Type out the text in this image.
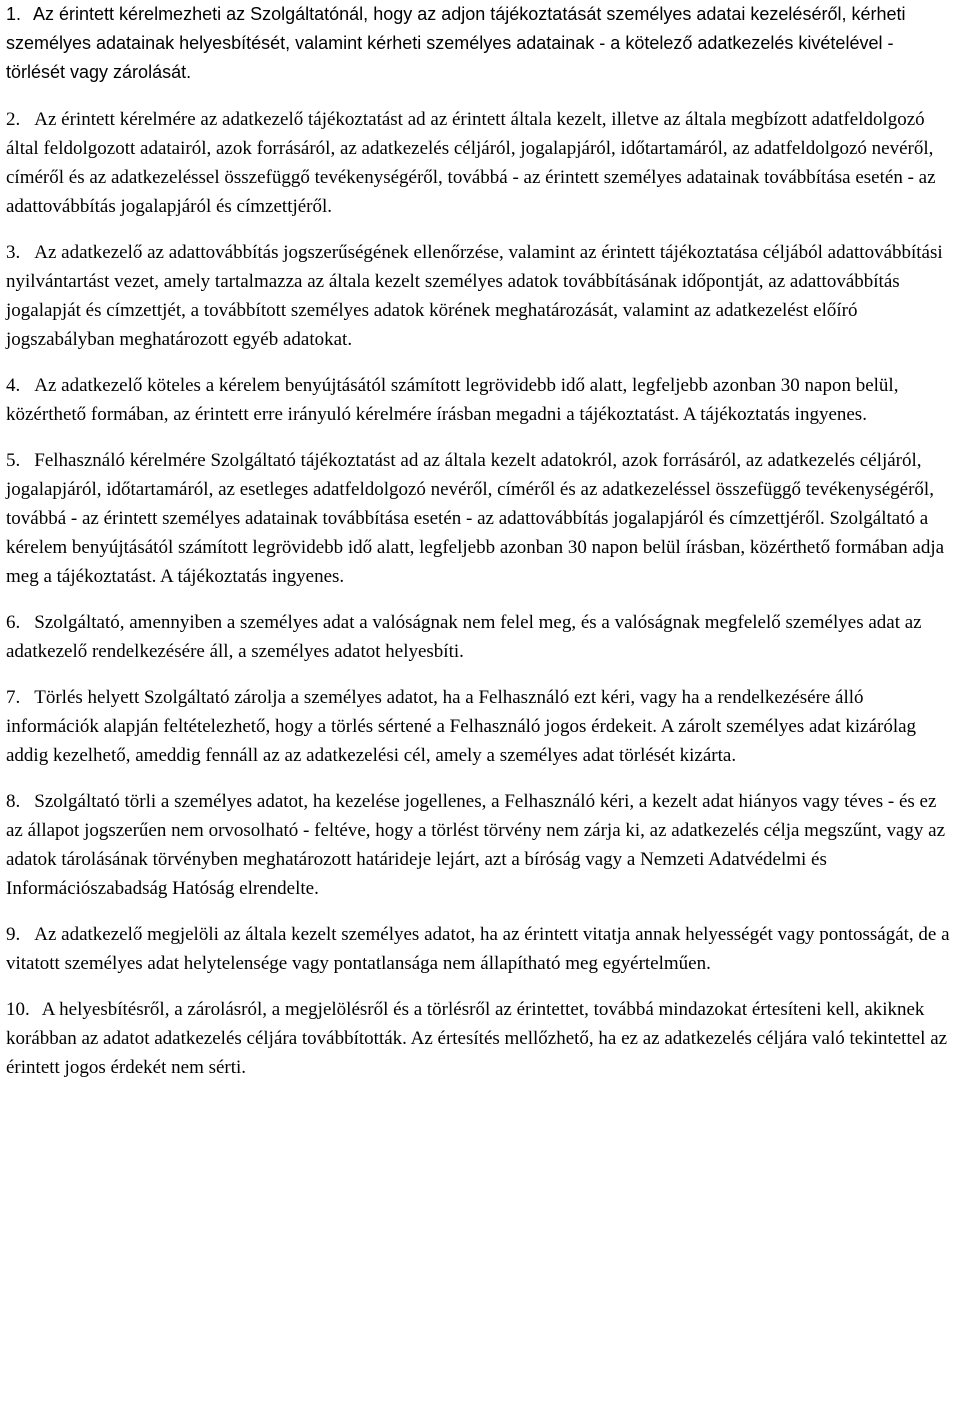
1. Az érintett kérelmezheti az Szolgáltatónál, hogy az adjon tájékoztatását személyes adatai kezeléséről, kérheti személyes adatainak helyesbítését, valamint kérheti személyes adatainak - a kötelező adatkezelés kivételével - törlését vagy zárolását.

2. Az érintett kérelmére az adatkezelő tájékoztatást ad az érintett általa kezelt, illetve az általa megbízott adatfeldolgozó által feldolgozott adatairól, azok forrásáról, az adatkezelés céljáról, jogalapjáról, időtartamáról, az adatfeldolgozó nevéről, címéről és az adatkezeléssel összefüggő tevékenységéről, továbbá - az érintett személyes adatainak továbbítása esetén - az adattovábbítás jogalapjáról és címzettjéről.

3. Az adatkezelő az adattovábbítás jogszerűségének ellenőrzése, valamint az érintett tájékoztatása céljából adattovábbítási nyilvántartást vezet, amely tartalmazza az általa kezelt személyes adatok továbbításának időpontját, az adattovábbítás jogalapját és címzettjét, a továbbított személyes adatok körének meghatározását, valamint az adatkezelést előíró jogszabályban meghatározott egyéb adatokat.

4. Az adatkezelő köteles a kérelem benyújtásától számított legrövidebb idő alatt, legfeljebb azonban 30 napon belül, közérthető formában, az érintett erre irányuló kérelmére írásban megadni a tájékoztatást. A tájékoztatás ingyenes.

5. Felhasználó kérelmére Szolgáltató tájékoztatást ad az általa kezelt adatokról, azok forrásáról, az adatkezelés céljáról, jogalapjáról, időtartamáról, az esetleges adatfeldolgozó nevéről, címéről és az adatkezeléssel összefüggő tevékenységéről, továbbá - az érintett személyes adatainak továbbítása esetén - az adattovábbítás jogalapjáról és címzettjéről. Szolgáltató a kérelem benyújtásától számított legrövidebb idő alatt, legfeljebb azonban 30 napon belül írásban, közérthető formában adja meg a tájékoztatást. A tájékoztatás ingyenes.

6. Szolgáltató, amennyiben a személyes adat a valóságnak nem felel meg, és a valóságnak megfelelő személyes adat az adatkezelő rendelkezésére áll, a személyes adatot helyesbíti.

7. Törlés helyett Szolgáltató zárolja a személyes adatot, ha a Felhasználó ezt kéri, vagy ha a rendelkezésére álló információk alapján feltételezhető, hogy a törlés sértené a Felhasználó jogos érdekeit. A zárolt személyes adat kizárólag addig kezelhető, ameddig fennáll az az adatkezelési cél, amely a személyes adat törlését kizárta.

8. Szolgáltató törli a személyes adatot, ha kezelése jogellenes, a Felhasználó kéri, a kezelt adat hiányos vagy téves - és ez az állapot jogszerűen nem orvosolható - feltéve, hogy a törlést törvény nem zárja ki, az adatkezelés célja megszűnt, vagy az adatok tárolásának törvényben meghatározott határideje lejárt, azt a bíróság vagy a Nemzeti Adatvédelmi és Információszabadság Hatóság elrendelte.

9. Az adatkezelő megjelöli az általa kezelt személyes adatot, ha az érintett vitatja annak helyességét vagy pontosságát, de a vitatott személyes adat helytelensége vagy pontatlansága nem állapítható meg egyértelműen.

10. A helyesbítésről, a zárolásról, a megjelölésről és a törlésről az érintettet, továbbá mindazokat értesíteni kell, akiknek korábban az adatot adatkezelés céljára továbbították. Az értesítés mellőzhető, ha ez az adatkezelés céljára való tekintettel az érintett jogos érdekét nem sérti.
